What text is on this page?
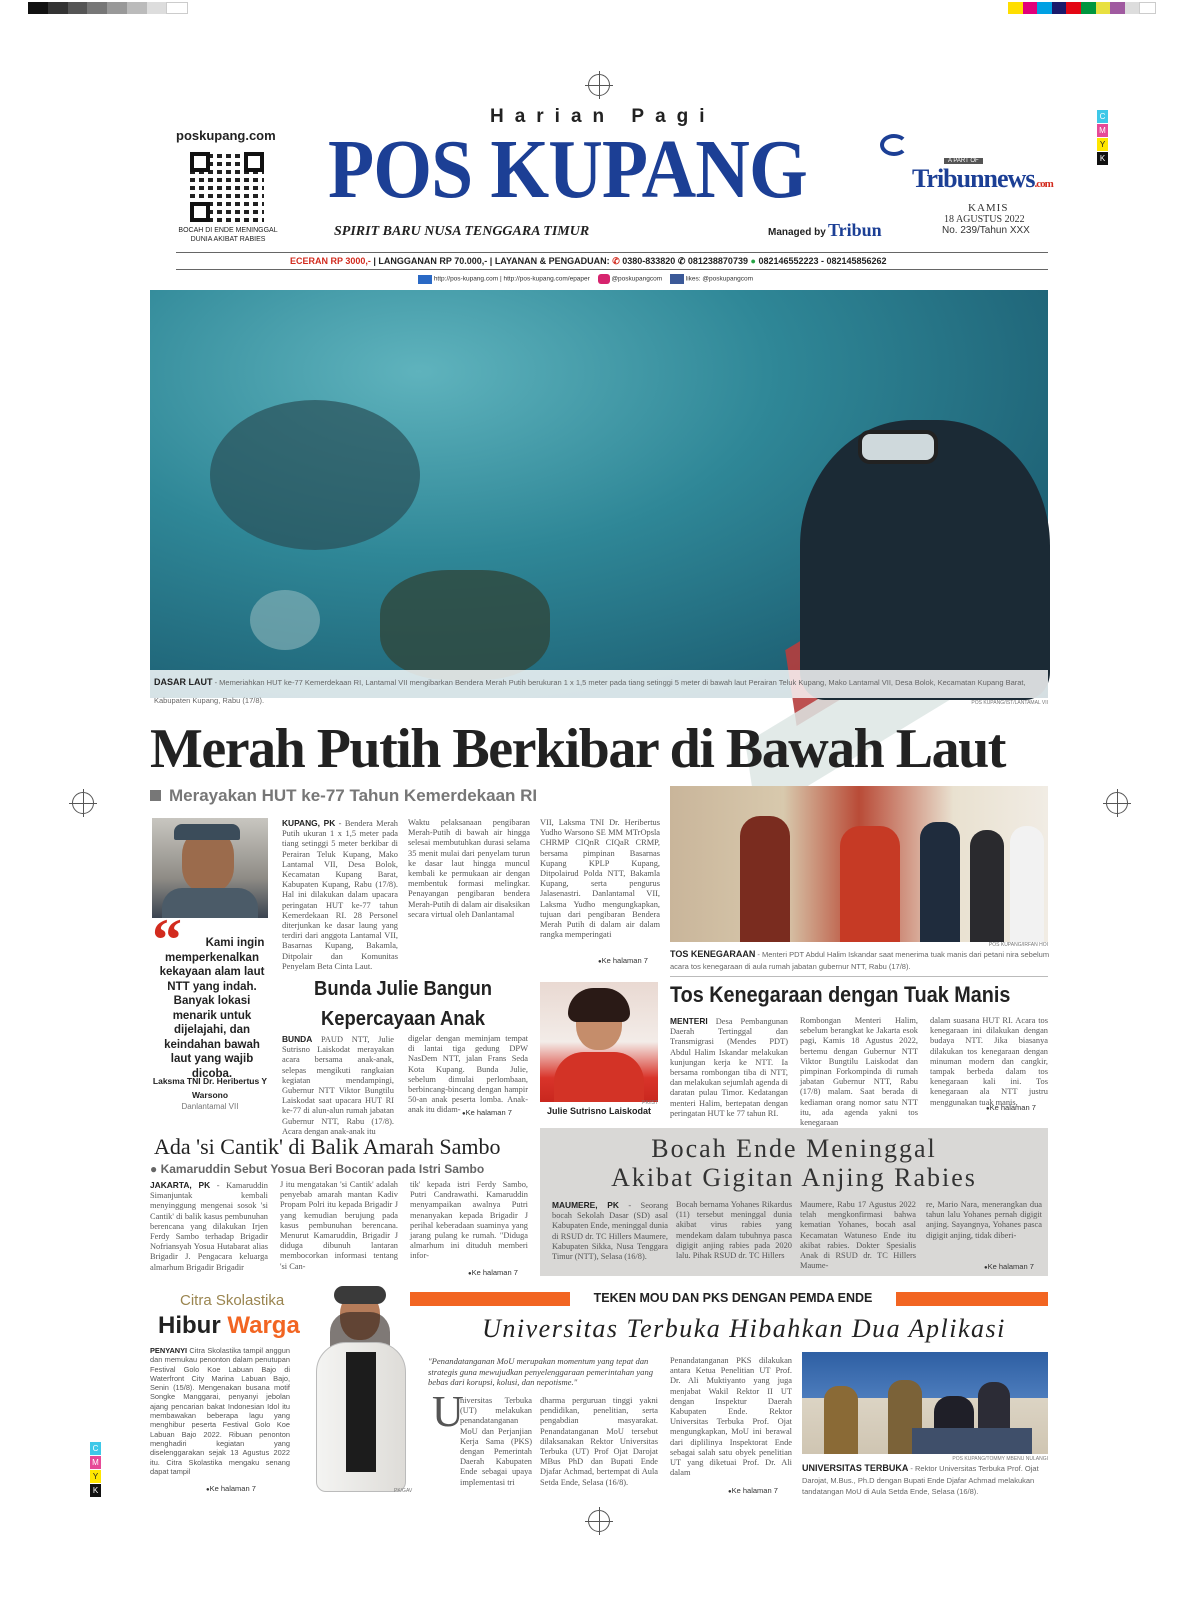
C
M
Y
K
C
M
Y
K
poskupang.com
BOCAH DI ENDE MENINGGAL DUNIA AKIBAT RABIES
Harian Pagi
POS KUPANG
SPIRIT BARU NUSA TENGGARA TIMUR	Managed by Tribun
A PART OF
Tribunnews.com
KAMIS
18 AGUSTUS 2022
No. 239/Tahun XXX
ECERAN RP 3000,- | LANGGANAN RP 70.000,- | LAYANAN & PENGADUAN: ✆ 0380-833820 ✆ 081238870739 ● 082146552223 - 082145856262
http://pos-kupang.com | http://pos-kupang.com/epaper	@poskupangcom	likes: @poskupangcom
DASAR LAUT - Memeriahkan HUT ke-77 Kemerdekaan RI, Lantamal VII mengibarkan Bendera Merah Putih berukuran 1 x 1,5 meter pada tiang setinggi 5 meter di bawah laut Perairan Teluk Kupang, Mako Lantamal VII, Desa Bolok, Kecamatan Kupang Barat, Kabupaten Kupang, Rabu (17/8).	POS KUPANG/IST/LANTAMAL VII
Merah Putih Berkibar di Bawah Laut
Merayakan HUT ke-77 Tahun Kemerdekaan RI
“	Kami ingin memperkenalkan kekayaan alam laut NTT yang indah. Banyak lokasi menarik untuk dijelajahi, dan keindahan bawah laut yang wajib dicoba.
Laksma TNI Dr. Heribertus Y Warsono
Danlantamal VII
KUPANG, PK - Bendera Merah Putih ukuran 1 x 1,5 meter pada tiang setinggi 5 meter berkibar di Perairan Teluk Kupang, Mako Lantamal VII, Desa Bolok, Kecamatan Kupang Barat, Kabupaten Kupang, Rabu (17/8). Hal ini dilakukan dalam upacara peringatan HUT ke-77 tahun Kemerdekaan RI. 28 Personel diterjunkan ke dasar laung yang terdiri dari anggota Lantamal VII, Basarnas Kupang, Bakamla, Ditpolair dan Komunitas Penyelam Beta Cinta Laut.
Waktu pelaksanaan pengibaran Merah-Putih di bawah air hingga selesai membutuhkan durasi selama 35 menit mulai dari penyelam turun ke dasar laut hingga muncul kembali ke permukaan air dengan membentuk formasi melingkar. Penayangan pengibaran bendera Merah-Putih di dalam air disaksikan secara virtual oleh Danlantamal
VII, Laksma TNI Dr. Heribertus Yudho Warsono SE MM MTrOpsla CHRMP CIQnR CIQaR CRMP, bersama pimpinan Basarnas Kupang KPLP Kupang, Ditpolairud Polda NTT, Bakamla Kupang, serta pengurus Jalasenastri. Danlantamal VII, Laksma Yudho mengungkapkan, tujuan dari pengibaran Bendera Merah Putih di dalam air dalam rangka memperingati
● Ke halaman 7
POS KUPANG/IRFAN HOI
TOS KENEGARAAN - Menteri PDT Abdul Halim Iskandar saat menerima tuak manis dari petani nira sebelum acara tos kenegaraan di aula rumah jabatan gubernur NTT, Rabu (17/8).
Tos Kenegaraan dengan Tuak Manis
MENTERI Desa Pembangunan Daerah Tertinggal dan Transmigrasi (Mendes PDT) Abdul Halim Iskandar melakukan kunjungan kerja ke NTT. Ia bersama rombongan tiba di NTT, dan melakukan sejumlah agenda di daratan pulau Timor. Kedatangan menteri Halim, bertepatan dengan peringatan HUT ke 77 tahun RI.
Rombongan Menteri Halim, sebelum berangkat ke Jakarta esok pagi, Kamis 18 Agustus 2022, bertemu dengan Gubernur NTT Viktor Bungtilu Laiskodat dan pimpinan Forkompinda di rumah jabatan Gubernur NTT, Rabu (17/8) malam. Saat berada di kediaman orang nomor satu NTT itu, ada agenda yakni tos kenegaraan
dalam suasana HUT RI. Acara tos kenegaraan ini dilakukan dengan budaya NTT. Jika biasanya dilakukan tos kenegaraan dengan minuman modern dan cangkir, tampak berbeda dalam tos kenegaraan kali ini. Tos kenegaraan ala NTT justru menggunakan tuak manis,
● Ke halaman 7
Bunda Julie Bangun Kepercayaan Anak
BUNDA PAUD NTT, Julie Sutrisno Laiskodat merayakan acara bersama anak-anak, selepas mengikuti rangkaian kegiatan mendampingi, Gubernur NTT Viktor Bungtilu Laiskodat saat upacara HUT RI ke-77 di alun-alun rumah jabatan Gubernur NTT, Rabu (17/8). Acara dengan anak-anak itu
digelar dengan meminjam tempat di lantai tiga gedung DPW NasDem NTT, jalan Frans Seda Kota Kupang. Bunda Julie, sebelum dimulai perlombaan, berbincang-bincang dengan hampir 50-an anak peserta lomba. Anak-anak itu didam-
● Ke halaman 7
PK/IST
Julie Sutrisno Laiskodat
Ada 'si Cantik' di Balik Amarah Sambo
● Kamaruddin Sebut Yosua Beri Bocoran pada Istri Sambo
JAKARTA, PK - Kamaruddin Simanjuntak kembali menyinggung mengenai sosok 'si Cantik' di balik kasus pembunuhan berencana yang dilakukan Irjen Ferdy Sambo terhadap Brigadir Nofriansyah Yosua Hutabarat alias Brigadir J. Pengacara keluarga almarhum Brigadir Brigadir
J itu mengatakan 'si Cantik' adalah penyebab amarah mantan Kadiv Propam Polri itu kepada Brigadir J yang kemudian berujung pada kasus pembunuhan berencana. Menurut Kamaruddin, Brigadir J diduga dibunuh lantaran membocorkan informasi tentang 'si Can-
tik' kepada istri Ferdy Sambo, Putri Candrawathi. Kamaruddin menyampaikan awalnya Putri menanyakan kepada Brigadir J perihal keberadaan suaminya yang jarang pulang ke rumah. "Diduga almarhum ini dituduh memberi infor-
● Ke halaman 7
Bocah Ende Meninggal
Akibat Gigitan Anjing Rabies
MAUMERE, PK - Seorang bocah Sekolah Dasar (SD) asal Kabupaten Ende, meninggal dunia di RSUD dr. TC Hillers Maumere, Kabupaten Sikka, Nusa Tenggara Timur (NTT), Selasa (16/8).
Bocah bernama Yohanes Rikardus (11) tersebut meninggal dunia akibat virus rabies yang mendekam dalam tubuhnya pasca digigit anjing rabies pada 2020 lalu. Pihak RSUD dr. TC Hillers
Maumere, Rabu 17 Agustus 2022 telah mengkonfirmasi bahwa kematian Yohanes, bocah asal Kecamatan Watuneso Ende itu akibat rabies. Dokter Spesialis Anak di RSUD dr. TC Hillers Maume-
re, Mario Nara, menerangkan dua tahun lalu Yohanes pernah digigit anjing. Sayangnya, Yohanes pasca digigit anjing, tidak diberi-
● Ke halaman 7
Citra Skolastika
Hibur Warga
PENYANYI Citra Skolastika tampil anggun dan memukau penonton dalam penutupan Festival Golo Koe Labuan Bajo di Waterfront City Marina Labuan Bajo, Senin (15/8). Mengenakan busana motif Songke Manggarai, penyanyi jebolan ajang pencarian bakat Indonesian Idol itu membawakan beberapa lagu yang menghibur peserta Festival Golo Koe Labuan Bajo 2022. Ribuan penonton menghadiri kegiatan yang diselenggarakan sejak 13 Agustus 2022 itu. Citra Skolastika mengaku senang dapat tampil
● Ke halaman 7	PK/GAV
TEKEN MOU DAN PKS DENGAN PEMDA ENDE
Universitas Terbuka Hibahkan Dua Aplikasi
"Penandatanganan MoU merupakan momentum yang tepat dan strategis guna mewujudkan penyelenggaraan pemerintahan yang bebas dari korupsi, kolusi, dan nepotisme."
U
niversitas Terbuka (UT) melakukan penandatanganan MoU dan Perjanjian Kerja Sama (PKS) dengan Pemerintah Daerah Kabupaten Ende sebagai upaya implementasi tri
dharma perguruan tinggi yakni pendidikan, penelitian, serta pengabdian masyarakat. Penandatanganan MoU tersebut dilaksanakan Rektor Universitas Terbuka (UT) Prof Ojat Darojat MBus PhD dan Bupati Ende Djafar Achmad, bertempat di Aula Setda Ende, Selasa (16/8).
Penandatanganan PKS dilakukan antara Ketua Penelitian UT Prof. Dr. Ali Muktiyanto yang juga menjabat Wakil Rektor II UT dengan Inspektur Daerah Kabupaten Ende. Rektor Universitas Terbuka Prof. Ojat mengungkapkan, MoU ini berawal dari diplilinya Inspektorat Ende sebagai salah satu obyek penelitian UT yang diketuai Prof. Dr. Ali dalam
● Ke halaman 7
POS KUPANG/TOMMY MBENU NULANGI
UNIVERSITAS TERBUKA - Rektor Universitas Terbuka Prof. Ojat Darojat, M.Bus., Ph.D dengan Bupati Ende Djafar Achmad melakukan tandatangan MoU di Aula Setda Ende, Selasa (16/8).
